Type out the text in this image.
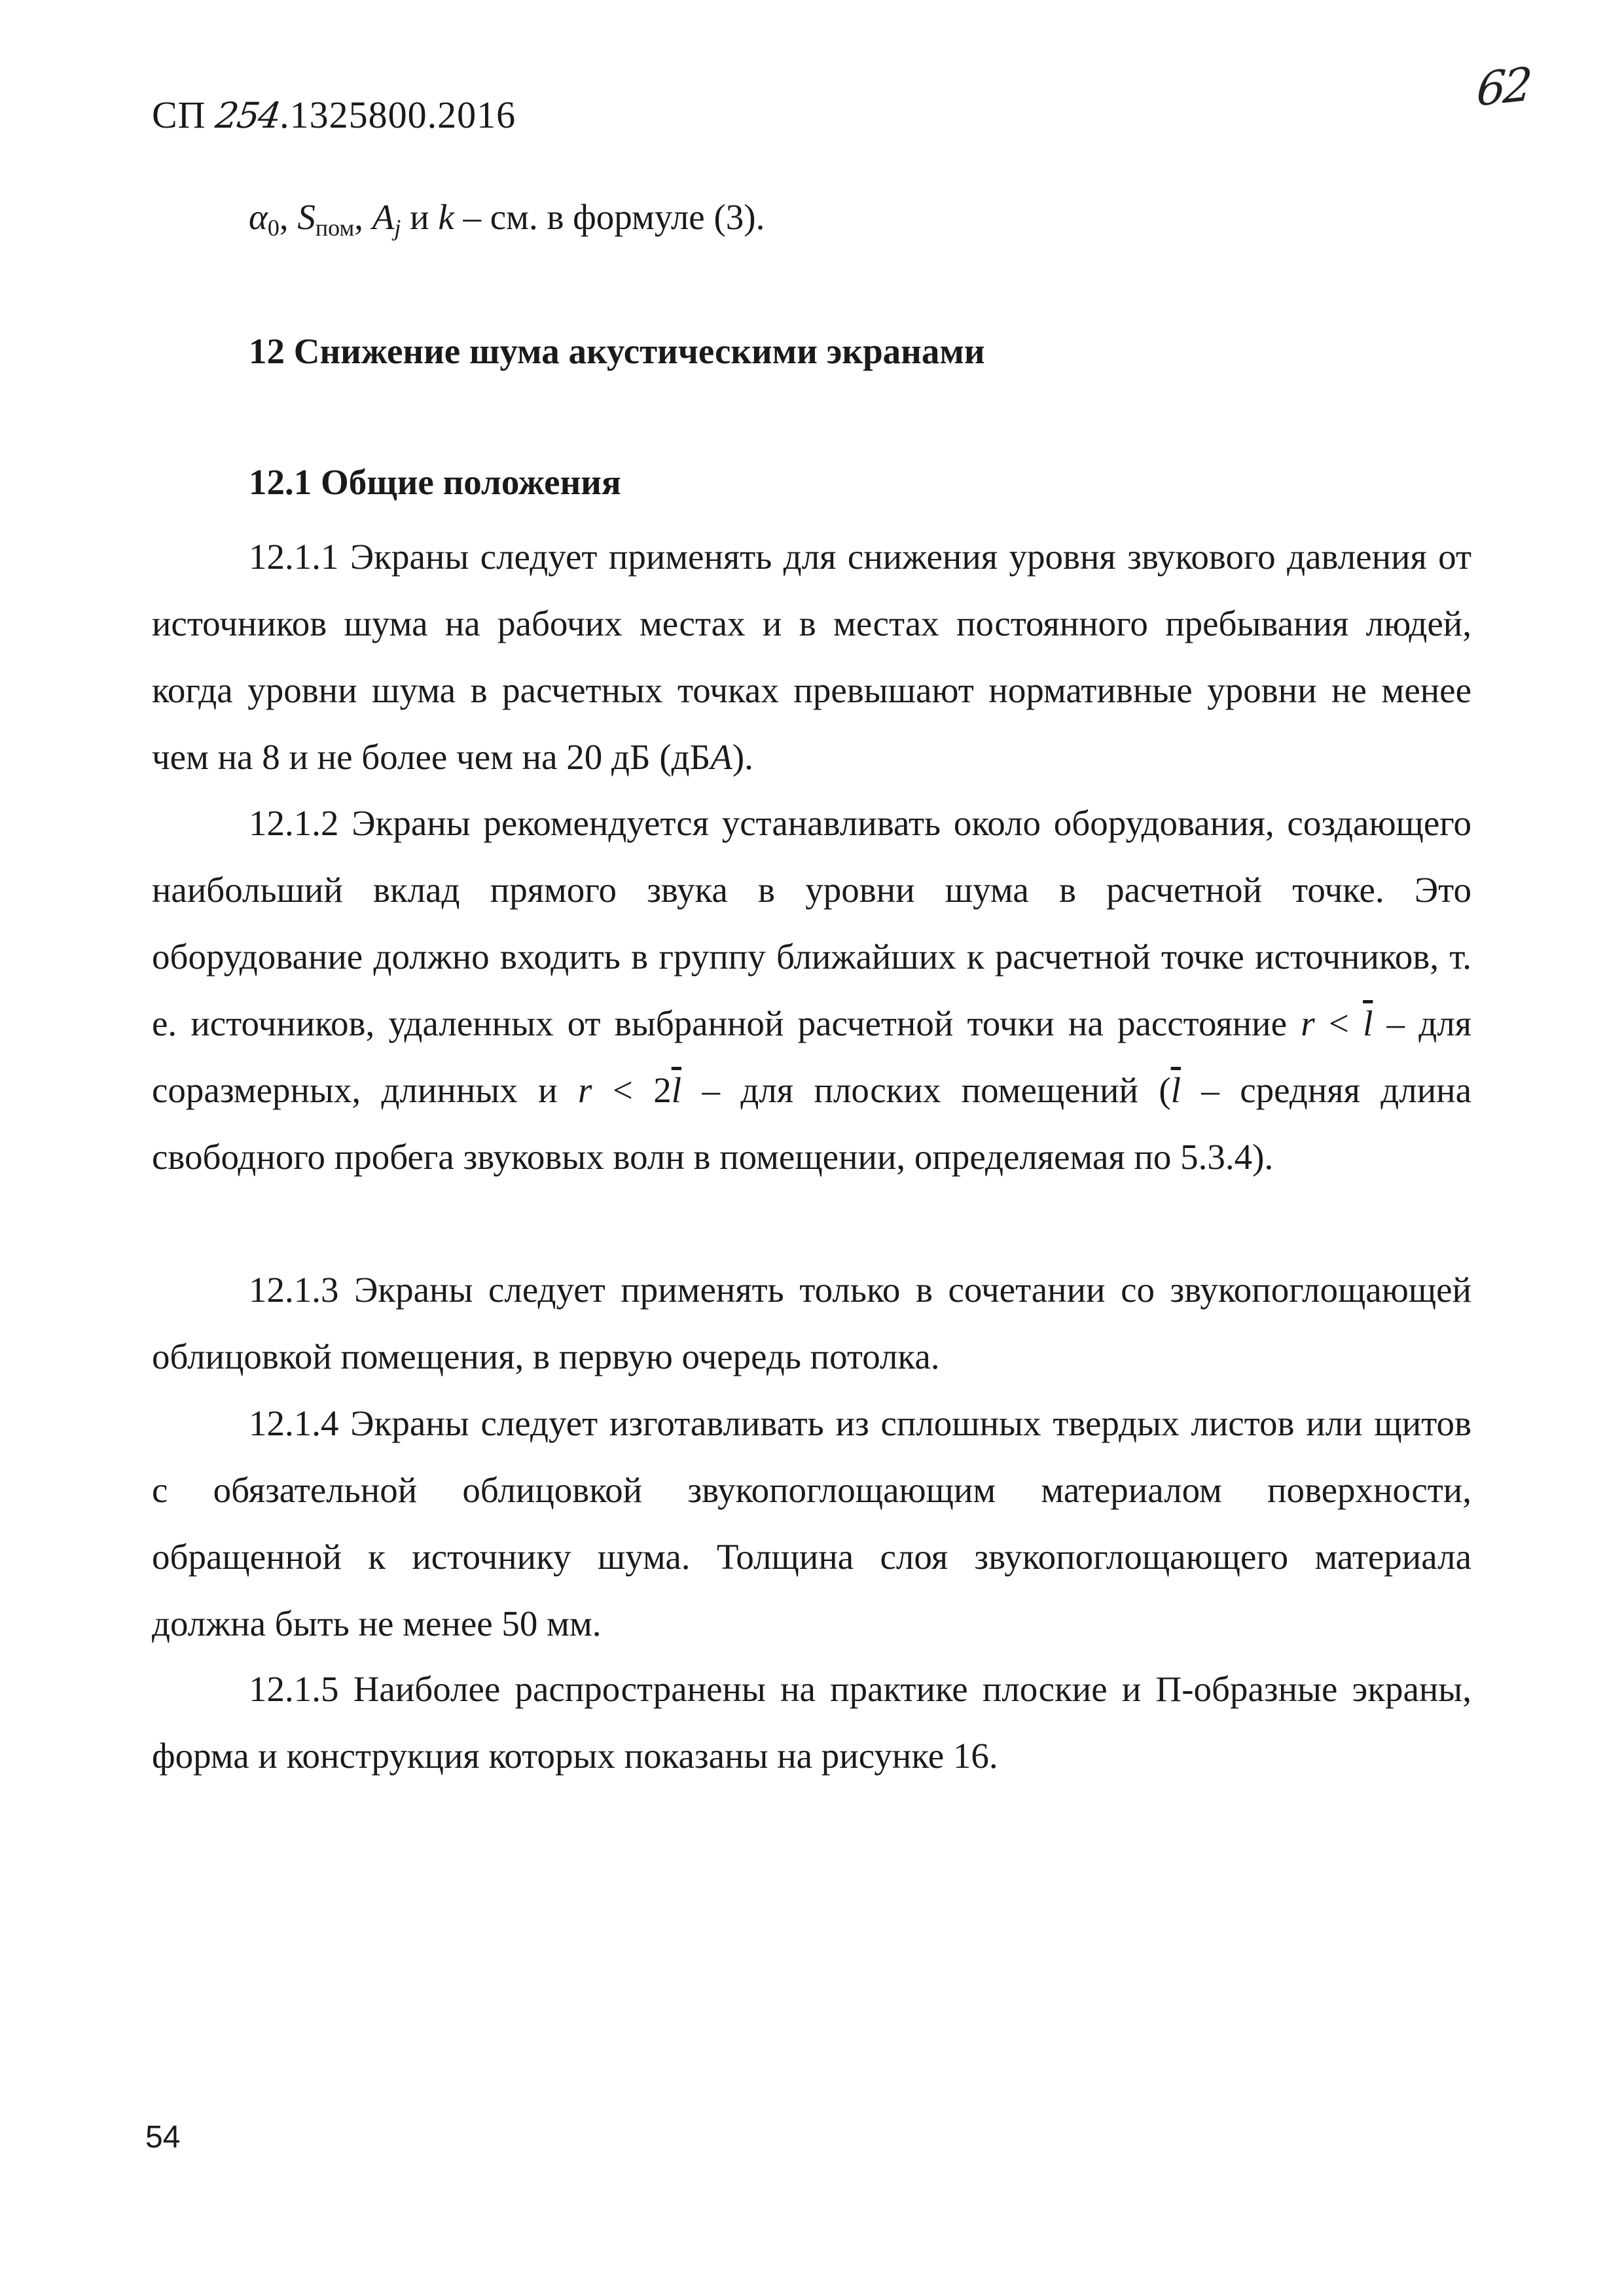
СП 254.1325800.2016	62
$\alpha_0$, $S_{пом}$, $A_j$ и k – см. в формуле (3).
12 Снижение шума акустическими экранами
12.1 Общие положения

12.1.1 Экраны следует применять для снижения уровня звукового давления от источников шума на рабочих местах и в местах постоянного пребывания людей, когда уровни шума в расчетных точках превышают нормативные уровни не менее чем на 8 и не более чем на 20 дБ (дБА).

12.1.2 Экраны рекомендуется устанавливать около оборудования, создающего наибольший вклад прямого звука в уровни шума в расчетной точке. Это оборудование должно входить в группу ближайших к расчетной точке источников, т. е. источников, удаленных от выбранной расчетной точки на расстояние $r < \overline{l}$ – для соразмерных, длинных и $r < 2\overline{l}$ – для плоских помещений ($\overline{l}$ – средняя длина свободного пробега звуковых волн в помещении, определяемая по 5.3.4).

12.1.3 Экраны следует применять только в сочетании со звукопоглощающей облицовкой помещения, в первую очередь потолка.

12.1.4 Экраны следует изготавливать из сплошных твердых листов или щитов с обязательной облицовкой звукопоглощающим материалом поверхности, обращенной к источнику шума. Толщина слоя звукопоглощающего материала должна быть не менее 50 мм.

12.1.5 Наиболее распространены на практике плоские и П-образные экраны, форма и конструкция которых показаны на рисунке 16.

54
